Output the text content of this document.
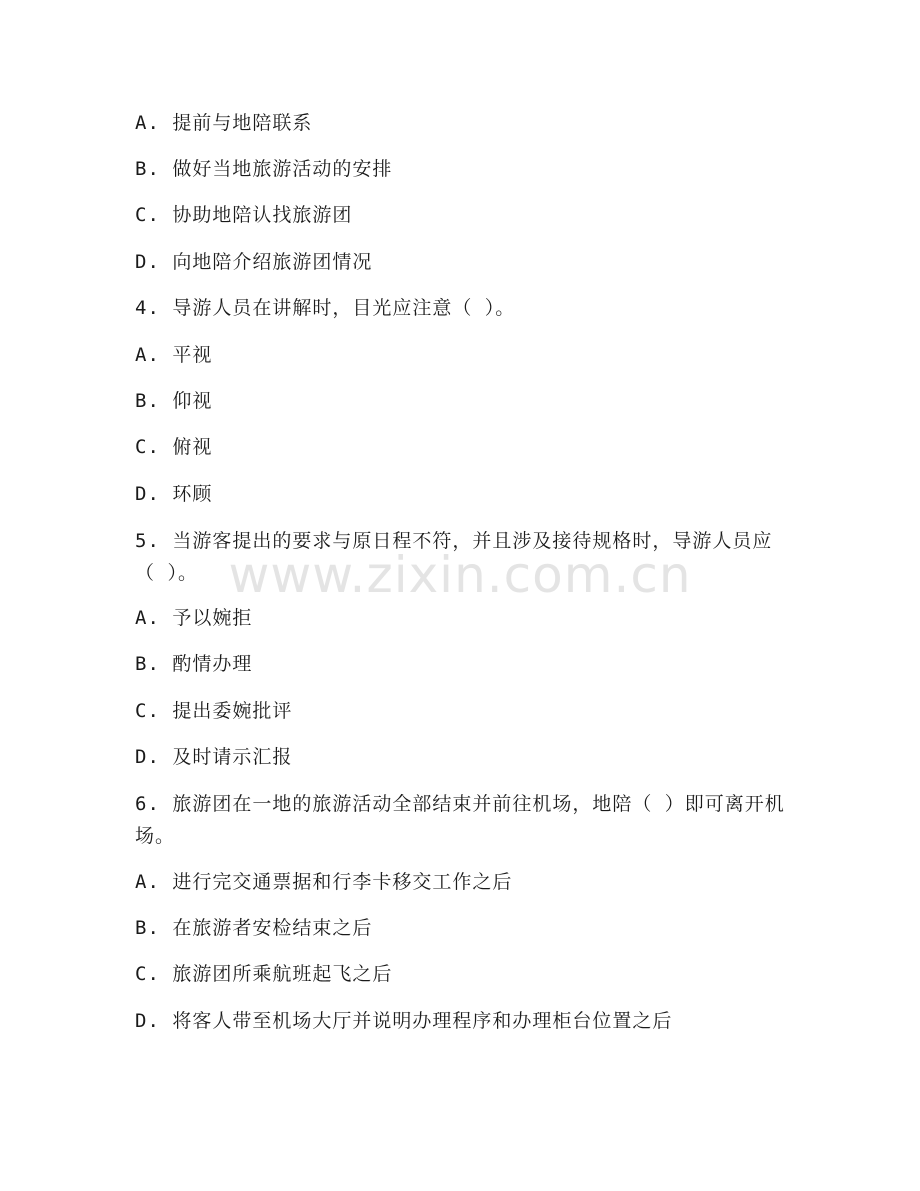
www.zixin.com.cn
A. 提前与地陪联系
B. 做好当地旅游活动的安排
C. 协助地陪认找旅游团
D. 向地陪介绍旅游团情况
4. 导游人员在讲解时，目光应注意（ ）。
A. 平视
B. 仰视
C. 俯视
D. 环顾
5. 当游客提出的要求与原日程不符，并且涉及接待规格时，导游人员应（ ）。
A. 予以婉拒
B. 酌情办理
C. 提出委婉批评
D. 及时请示汇报
6. 旅游团在一地的旅游活动全部结束并前往机场，地陪（ ）即可离开机场。
A. 进行完交通票据和行李卡移交工作之后
B. 在旅游者安检结束之后
C. 旅游团所乘航班起飞之后
D. 将客人带至机场大厅并说明办理程序和办理柜台位置之后
